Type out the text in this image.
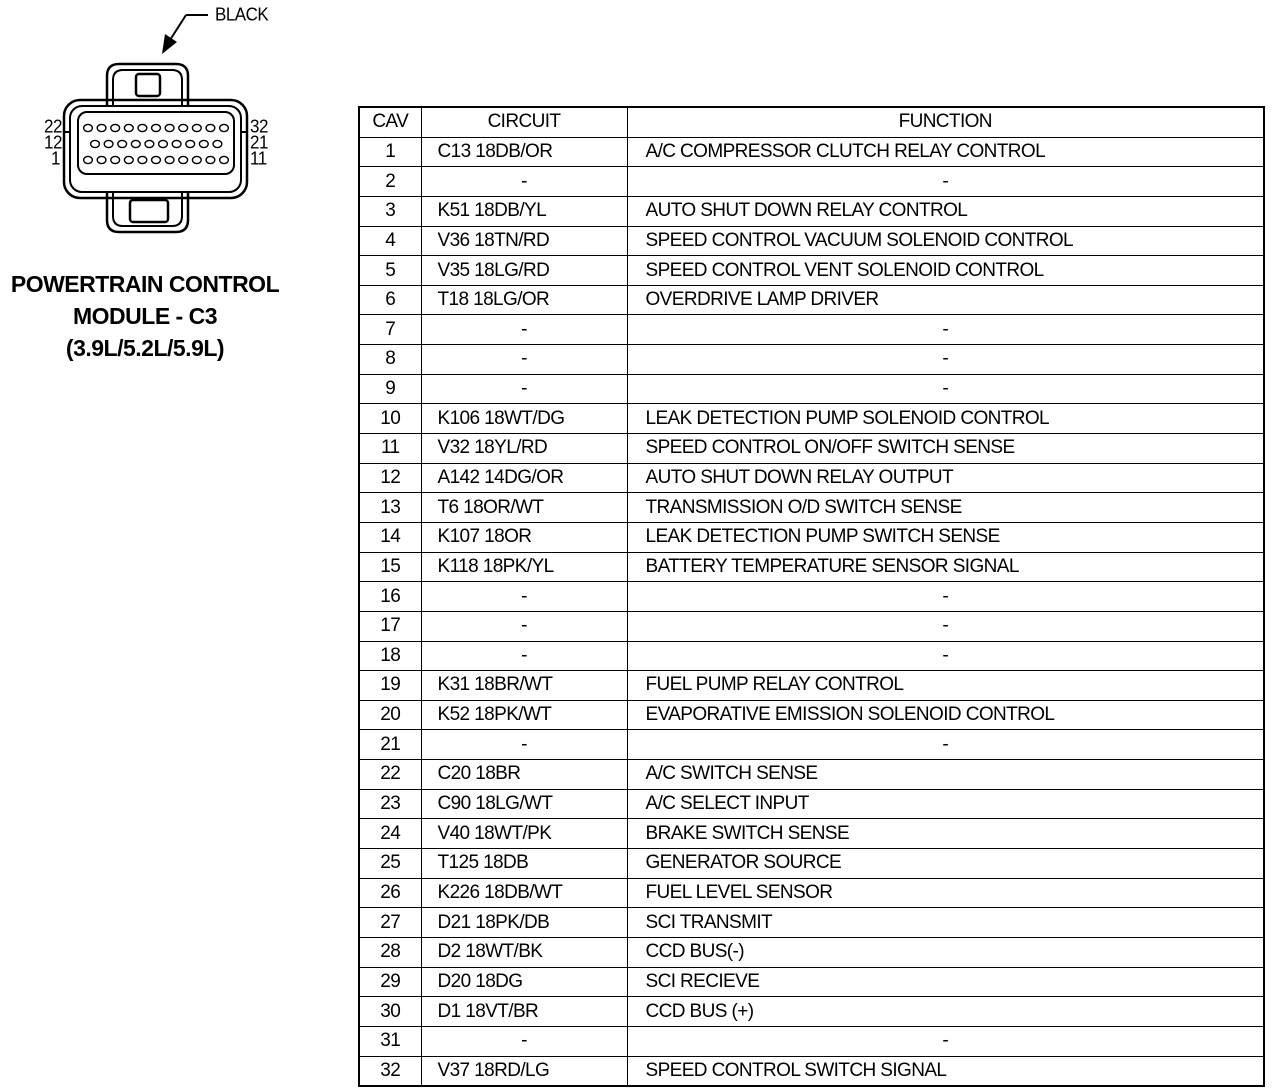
BLACK
22
12
1
32
21
11
POWERTRAIN CONTROL
MODULE - C3
(3.9L/5.2L/5.9L)
CAV	CIRCUIT	FUNCTION
1	C13 18DB/OR	A/C COMPRESSOR CLUTCH RELAY CONTROL
2	-	-
3	K51 18DB/YL	AUTO SHUT DOWN RELAY CONTROL
4	V36 18TN/RD	SPEED CONTROL VACUUM SOLENOID CONTROL
5	V35 18LG/RD	SPEED CONTROL VENT SOLENOID CONTROL
6	T18 18LG/OR	OVERDRIVE LAMP DRIVER
7	-	-
8	-	-
9	-	-
10	K106 18WT/DG	LEAK DETECTION PUMP SOLENOID CONTROL
11	V32 18YL/RD	SPEED CONTROL ON/OFF SWITCH SENSE
12	A142 14DG/OR	AUTO SHUT DOWN RELAY OUTPUT
13	T6 18OR/WT	TRANSMISSION O/D SWITCH SENSE
14	K107 18OR	LEAK DETECTION PUMP SWITCH SENSE
15	K118 18PK/YL	BATTERY TEMPERATURE SENSOR SIGNAL
16	-	-
17	-	-
18	-	-
19	K31 18BR/WT	FUEL PUMP RELAY CONTROL
20	K52 18PK/WT	EVAPORATIVE EMISSION SOLENOID CONTROL
21	-	-
22	C20 18BR	A/C SWITCH SENSE
23	C90 18LG/WT	A/C SELECT INPUT
24	V40 18WT/PK	BRAKE SWITCH SENSE
25	T125 18DB	GENERATOR SOURCE
26	K226 18DB/WT	FUEL LEVEL SENSOR
27	D21 18PK/DB	SCI TRANSMIT
28	D2 18WT/BK	CCD BUS(-)
29	D20 18DG	SCI RECIEVE
30	D1 18VT/BR	CCD BUS (+)
31	-	-
32	V37 18RD/LG	SPEED CONTROL SWITCH SIGNAL
